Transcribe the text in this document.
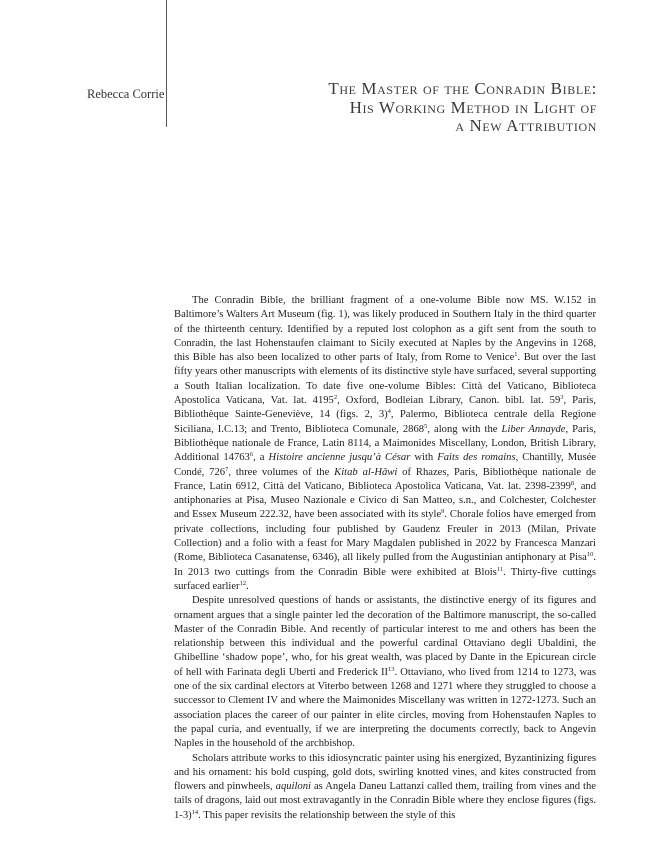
Rebecca Corrie	The Master of the Conradin Bible:
His Working Method in Light of
a New Attribution

The Conradin Bible, the brilliant fragment of a one-volume Bible now MS. W.152 in Baltimore’s Walters Art Museum (fig. 1), was likely produced in Southern Italy in the third quarter of the thirteenth century. Identified by a reputed lost colophon as a gift sent from the south to Conradin, the last Hohenstaufen claimant to Sicily executed at Naples by the Angevins in 1268, this Bible has also been localized to other parts of Italy, from Rome to Venice$^1$. But over the last fifty years other manuscripts with elements of its distinctive style have surfaced, several supporting a South Italian localization. To date five one-volume Bibles: Città del Vaticano, Biblioteca Apostolica Vaticana, Vat. lat. 4195$^2$, Oxford, Bodleian Library, Canon. bibl. lat. $59^3$, Paris, Bibliothèque Sainte-Geneviève, 14 (figs. 2, 3)$^4$, Palermo, Biblioteca centrale della Regione Siciliana, I.C.13; and Trento, Biblioteca Comunale, 2868$^5$, along with the Liber Annayde, Paris, Bibliothèque nationale de France, Latin 8114, a Maimonides Miscellany, London, British Library, Additional 14763$^6$, a Histoire ancienne jusqu’à César with Faits des romains, Chantilly, Musée Condé, $726^7$, three volumes of the Kitab al-Hāwi of Rhazes, Paris, Bibliothèque nationale de France, Latin 6912, Città del Vaticano, Biblioteca Apostolica Vaticana, Vat. lat. 2398-2399$^8$, and antiphonaries at Pisa, Museo Nazionale e Civico di San Matteo, s.n., and Colchester, Colchester and Essex Museum 222.32, have been associated with its style$^9$. Chorale folios have emerged from private collections, including four published by Gaudenz Freuler in 2013 (Milan, Private Collection) and a folio with a feast for Mary Magdalen published in 2022 by Francesca Manzari (Rome, Biblioteca Casanatense, 6346), all likely pulled from the Augustinian antiphonary at Pisa$^{10}$. In 2013 two cuttings from the Conradin Bible were exhibited at Blois$^{11}$. Thirty-five cuttings surfaced earlier$^{12}$.

Despite unresolved questions of hands or assistants, the distinctive energy of its figures and ornament argues that a single painter led the decoration of the Baltimore manuscript, the so-called Master of the Conradin Bible. And recently of particular interest to me and others has been the relationship between this individual and the powerful cardinal Ottaviano degli Ubaldini, the Ghibelline ‘shadow pope’, who, for his great wealth, was placed by Dante in the Epicurean circle of hell with Farinata degli Uberti and Frederick II$^{13}$. Ottaviano, who lived from 1214 to 1273, was one of the six cardinal electors at Viterbo between 1268 and 1271 where they struggled to choose a successor to Clement IV and where the Maimonides Miscellany was written in 1272-1273. Such an association places the career of our painter in elite circles, moving from Hohenstaufen Naples to the papal curia, and eventually, if we are interpreting the documents correctly, back to Angevin Naples in the household of the archbishop.

Scholars attribute works to this idiosyncratic painter using his energized, Byzantinizing figures and his ornament: his bold cusping, gold dots, swirling knotted vines, and kites constructed from flowers and pinwheels, aquiloni as Angela Daneu Lattanzi called them, trailing from vines and the tails of dragons, laid out most extravagantly in the Conradin Bible where they enclose figures (figs. 1-3)$^{14}$. This paper revisits the relationship between the style of this
